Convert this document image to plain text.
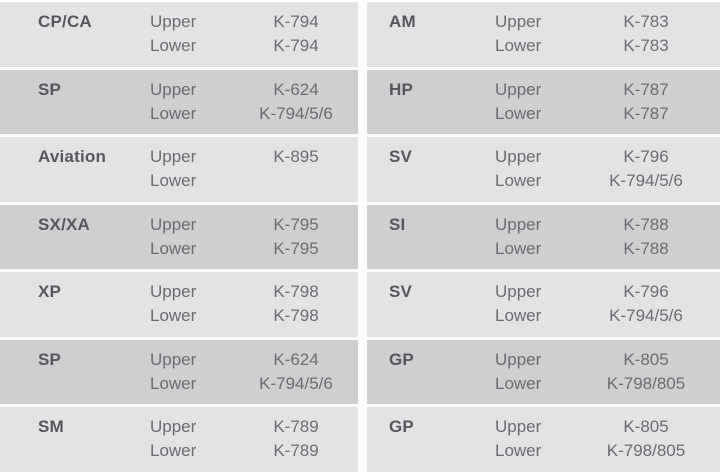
CP/CA	Upper	K-794
Lower	K-794
SP	Upper	K-624
Lower	K-794/5/6
Aviation	Upper	K-895
Lower
SX/XA	Upper	K-795
Lower	K-795
XP	Upper	K-798
Lower	K-798
SP	Upper	K-624
Lower	K-794/5/6
SM	Upper	K-789
Lower	K-789
AM	Upper	K-783
Lower	K-783
HP	Upper	K-787
Lower	K-787
SV	Upper	K-796
Lower	K-794/5/6
SI	Upper	K-788
Lower	K-788
SV	Upper	K-796
Lower	K-794/5/6
GP	Upper	K-805
Lower	K-798/805
GP	Upper	K-805
Lower	K-798/805
